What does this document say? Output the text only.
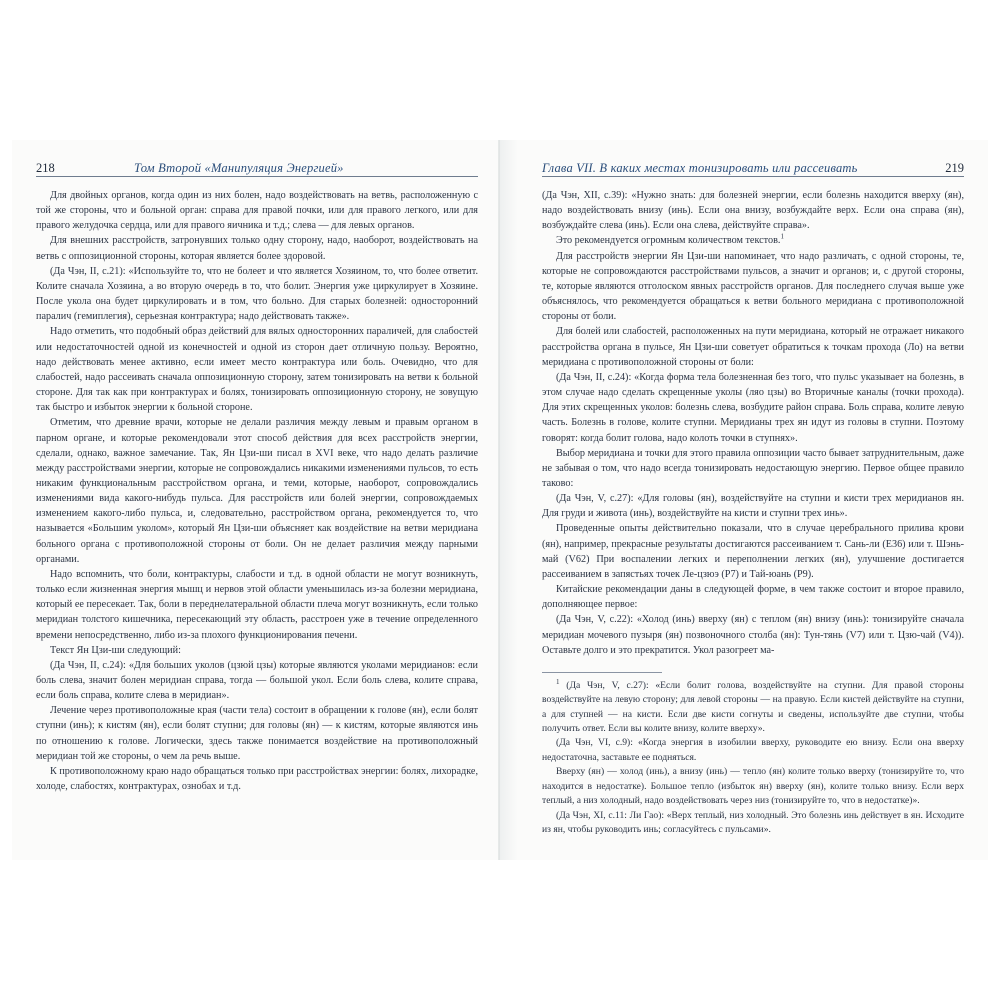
218	Том Второй «Манипуляция Энергией»

Для двойных органов, когда один из них болен, надо воздействовать на ветвь, расположенную с той же стороны, что и больной орган: справа для правой почки, или для правого легкого, или для правого желудочка сердца, или для правого яичника и т.д.; слева — для левых органов.

Для внешних расстройств, затронувших только одну сторону, надо, наоборот, воздействовать на ветвь с оппозиционной стороны, которая является более здоровой.

(Да Чэн, II, с.21): «Используйте то, что не болеет и что является Хозяином, то, что более ответит. Колите сначала Хозяина, а во вторую очередь в то, что болит. Энергия уже циркулирует в Хозяине. После укола она будет циркулировать и в том, что больно. Для старых болезней: односторонний паралич (гемиплегия), серьезная контрактура; надо действовать также».

Надо отметить, что подобный образ действий для вялых односторонних параличей, для слабостей или недостаточностей одной из конечностей и одной из сторон дает отличную пользу. Вероятно, надо действовать менее активно, если имеет место контрактура или боль. Очевидно, что для слабостей, надо рассеивать сначала оппозиционную сторону, затем тонизировать на ветви к больной стороне. Для так как при контрактурах и болях, тонизировать оппозиционную сторону, не зовущую так быстро и избыток энергии к больной стороне.

Отметим, что древние врачи, которые не делали различия между левым и правым органом в парном органе, и которые рекомендовали этот способ действия для всех расстройств энергии, сделали, однако, важное замечание. Так, Ян Цзи-ши писал в XVI веке, что надо делать различие между расстройствами энергии, которые не сопровождались никакими изменениями пульсов, то есть никаким функциональным расстройством органа, и теми, которые, наоборот, сопровождались изменениями вида какого-нибудь пульса. Для расстройств или болей энергии, сопровождаемых изменением какого-либо пульса, и, следовательно, расстройством органа, рекомендуется то, что называется «Большим уколом», который Ян Цзи-ши объясняет как воздействие на ветви меридиана больного органа с противоположной стороны от боли. Он не делает различия между парными органами.

Надо вспомнить, что боли, контрактуры, слабости и т.д. в одной области не могут возникнуть, только если жизненная энергия мышц и нервов этой области уменьшилась из-за болезни меридиана, который ее пересекает. Так, боли в переднелатеральной области плеча могут возникнуть, если только меридиан толстого кишечника, пересекающий эту область, расстроен уже в течение определенного времени непосредственно, либо из-за плохого функционирования печени.

Текст Ян Цзи-ши следующий:

(Да Чэн, II, с.24): «Для больших уколов (цзюй цзы) которые являются уколами меридианов: если боль слева, значит болен меридиан справа, тогда — большой укол. Если боль слева, колите справа, если боль справа, колите слева в меридиан».

Лечение через противоположные края (части тела) состоит в обращении к голове (ян), если болят ступни (инь); к кистям (ян), если болят ступни; для головы (ян) — к кистям, которые являются инь по отношению к голове. Логически, здесь также понимается воздействие на противоположный меридиан той же стороны, о чем ла речь выше.

К противоположному краю надо обращаться только при расстройствах энергии: болях, лихорадке, холоде, слабостях, контрактурах, ознобах и т.д.

Глава VII. В каких местах тонизировать или рассеивать	219

(Да Чэн, XII, с.39): «Нужно знать: для болезней энергии, если болезнь находится вверху (ян), надо воздействовать внизу (инь). Если она внизу, возбуждайте верх. Если она справа (ян), возбуждайте слева (инь). Если она слева, действуйте справа».

Это рекомендуется огромным количеством текстов.$^1$

Для расстройств энергии Ян Цзи-ши напоминает, что надо различать, с одной стороны, те, которые не сопровождаются расстройствами пульсов, а значит и органов; и, с другой стороны, те, которые являются отголоском явных расстройств органов. Для последнего случая выше уже объяснялось, что рекомендуется обращаться к ветви больного меридиана с противоположной стороны от боли.

Для болей или слабостей, расположенных на пути меридиана, который не отражает никакого расстройства органа в пульсе, Ян Цзи-ши советует обратиться к точкам прохода (Ло) на ветви меридиана с противоположной стороны от боли:

(Да Чэн, II, с.24): «Когда форма тела болезненная без того, что пульс указывает на болезнь, в этом случае надо сделать скрещенные уколы (ляо цзы) во Вторичные каналы (точки прохода). Для этих скрещенных уколов: болезнь слева, возбудите район справа. Боль справа, колите левую часть. Болезнь в голове, колите ступни. Меридианы трех ян идут из головы в ступни. Поэтому говорят: когда болит голова, надо колоть точки в ступнях».

Выбор меридиана и точки для этого правила оппозиции часто бывает затруднительным, даже не забывая о том, что надо всегда тонизировать недостающую энергию. Первое общее правило таково:

(Да Чэн, V, с.27): «Для головы (ян), воздействуйте на ступни и кисти трех меридианов ян. Для груди и живота (инь), воздействуйте на кисти и ступни трех инь».

Проведенные опыты действительно показали, что в случае церебрального прилива крови (ян), например, прекрасные результаты достигаются рассеиванием т. Сань-ли (E36) или т. Шэнь-май (V62) При воспалении легких и переполнении легких (ян), улучшение достигается рассеиванием в запястьях точек Ле-цзюэ (P7) и Тай-юань (P9).

Китайские рекомендации даны в следующей форме, в чем также состоит и второе правило, дополняющее первое:

(Да Чэн, V, с.22): «Холод (инь) вверху (ян) с теплом (ян) внизу (инь): тонизируйте сначала меридиан мочевого пузыря (ян) позвоночного столба (ян): Тун-тянь (V7) или т. Цзю-чай (V4)). Оставьте долго и это прекратится. Укол разогреет ма-

$^1$ (Да Чэн, V, с.27): «Если болит голова, воздействуйте на ступни. Для правой стороны воздействуйте на левую сторону; для левой стороны — на правую. Если кистей действуйте на ступни, а для ступней — на кисти. Если две кисти согнуты и сведены, используйте две ступни, чтобы получить ответ. Если вы колите внизу, колите вверху».

(Да Чэн, VI, с.9): «Когда энергия в изобилии вверху, руководите ею внизу. Если она вверху недостаточна, заставьте ее подняться.

Вверху (ян) — холод (инь), а внизу (инь) — тепло (ян) колите только вверху (тонизируйте то, что находится в недостатке). Большое тепло (избыток ян) вверху (ян), колите только внизу. Если верх теплый, а низ холодный, надо воздействовать через низ (тонизируйте то, что в недостатке)».

(Да Чэн, XI, с.11: Ли Гао): «Верх теплый, низ холодный. Это болезнь инь действует в ян. Исходите из ян, чтобы руководить инь; согласуйтесь с пульсами».
